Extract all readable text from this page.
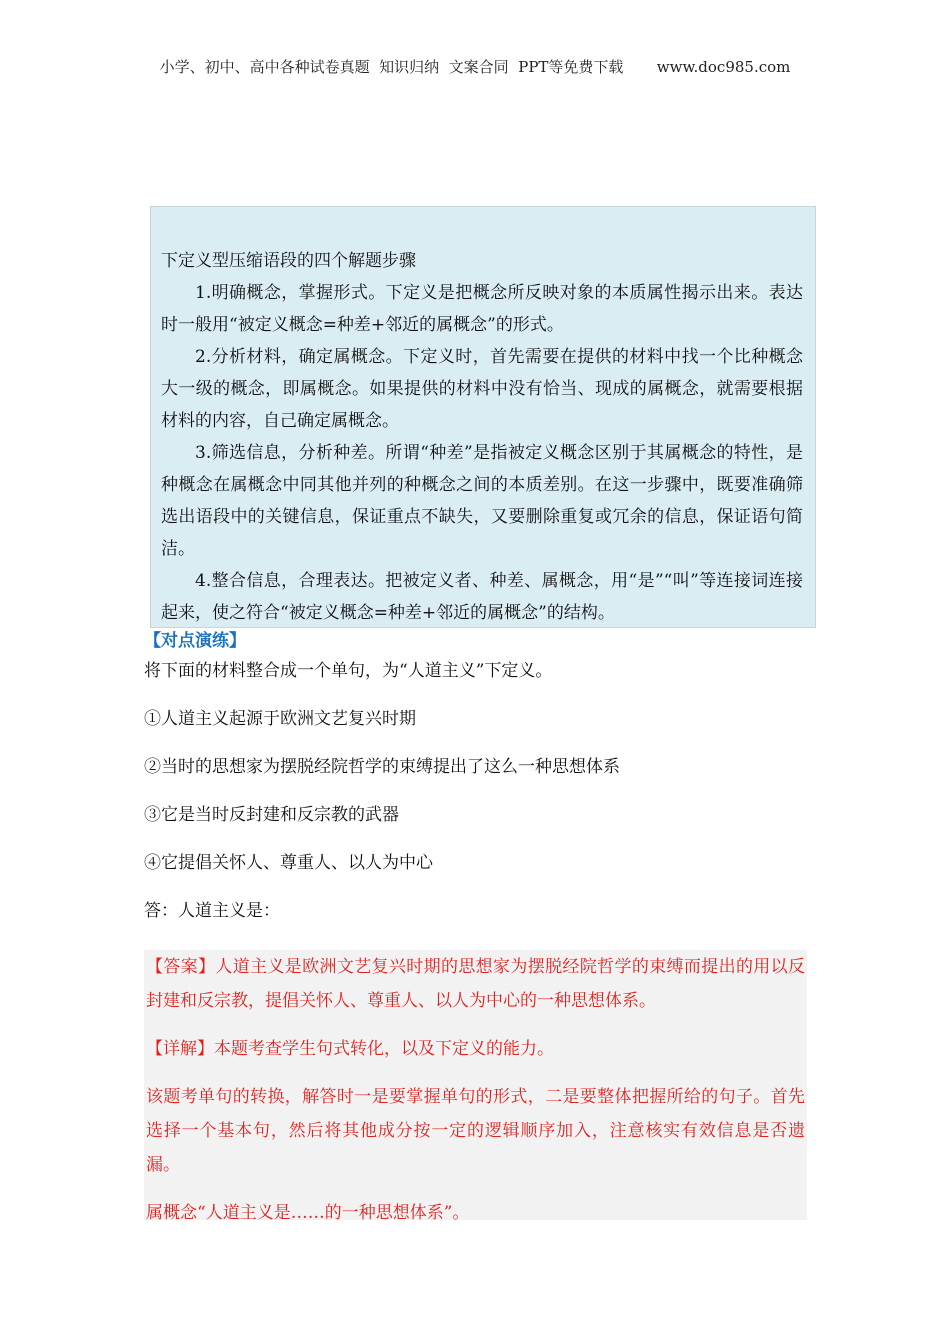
小学、初中、高中各种试卷真题  知识归纳  文案合同  PPT等免费下载       www.doc985.com

下定义型压缩语段的四个解题步骤

1.明确概念，掌握形式。下定义是把概念所反映对象的本质属性揭示出来。表达时一般用“被定义概念=种差+邻近的属概念”的形式。

2.分析材料，确定属概念。下定义时，首先需要在提供的材料中找一个比种概念大一级的概念，即属概念。如果提供的材料中没有恰当、现成的属概念，就需要根据材料的内容，自己确定属概念。

3.筛选信息，分析种差。所谓“种差”是指被定义概念区别于其属概念的特性，是种概念在属概念中同其他并列的种概念之间的本质差别。在这一步骤中，既要准确筛选出语段中的关键信息，保证重点不缺失，又要删除重复或冗余的信息，保证语句简洁。

4.整合信息，合理表达。把被定义者、种差、属概念，用“是”“叫”等连接词连接起来，使之符合“被定义概念=种差+邻近的属概念”的结构。

【对点演练】

将下面的材料整合成一个单句，为“人道主义”下定义。

①人道主义起源于欧洲文艺复兴时期

②当时的思想家为摆脱经院哲学的束缚提出了这么一种思想体系

③它是当时反封建和反宗教的武器

④它提倡关怀人、尊重人、以人为中心

答：人道主义是：

【答案】人道主义是欧洲文艺复兴时期的思想家为摆脱经院哲学的束缚而提出的用以反封建和反宗教，提倡关怀人、尊重人、以人为中心的一种思想体系。

【详解】本题考查学生句式转化，以及下定义的能力。

该题考单句的转换，解答时一是要掌握单句的形式，二是要整体把握所给的句子。首先选择一个基本句，然后将其他成分按一定的逻辑顺序加入，注意核实有效信息是否遗漏。

属概念“人道主义是……的一种思想体系”。
